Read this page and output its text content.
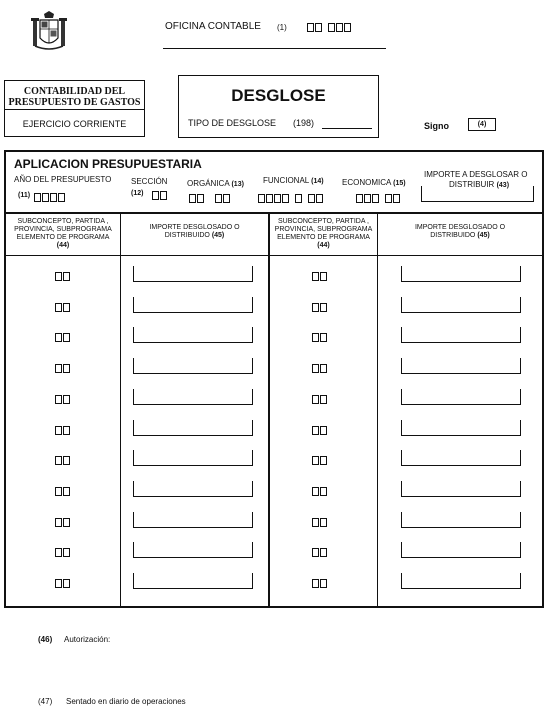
OFICINA CONTABLE (1)
CONTABILIDAD DEL
PRESUPUESTO DE GASTOS
EJERCICIO CORRIENTE
DESGLOSE
TIPO DE DESGLOSE (198)	Signo	(4)
APLICACION PRESUPUESTARIA
AÑO DEL PRESUPUESTO
(11)
SECCIÓN
(12)
ORGÁNICA (13) FUNCIONAL (14) ECONOMICA (15)
IMPORTE A DESGLOSAR O
DISTRIBUIR (43)
SUBCONCEPTO, PARTIDA ,
PROVINCIA, SUBPROGRAMA
ELEMENTO DE PROGRAMA
(44)
IMPORTE DESGLOSADO O
DISTRIBUIDO (45)
SUBCONCEPTO, PARTIDA ,
PROVINCIA, SUBPROGRAMA
ELEMENTO DE PROGRAMA
(44)
IMPORTE DESGLOSADO O
DISTRIBUIDO (45)
(46) Autorización:
(47) Sentado en diario de operaciones
